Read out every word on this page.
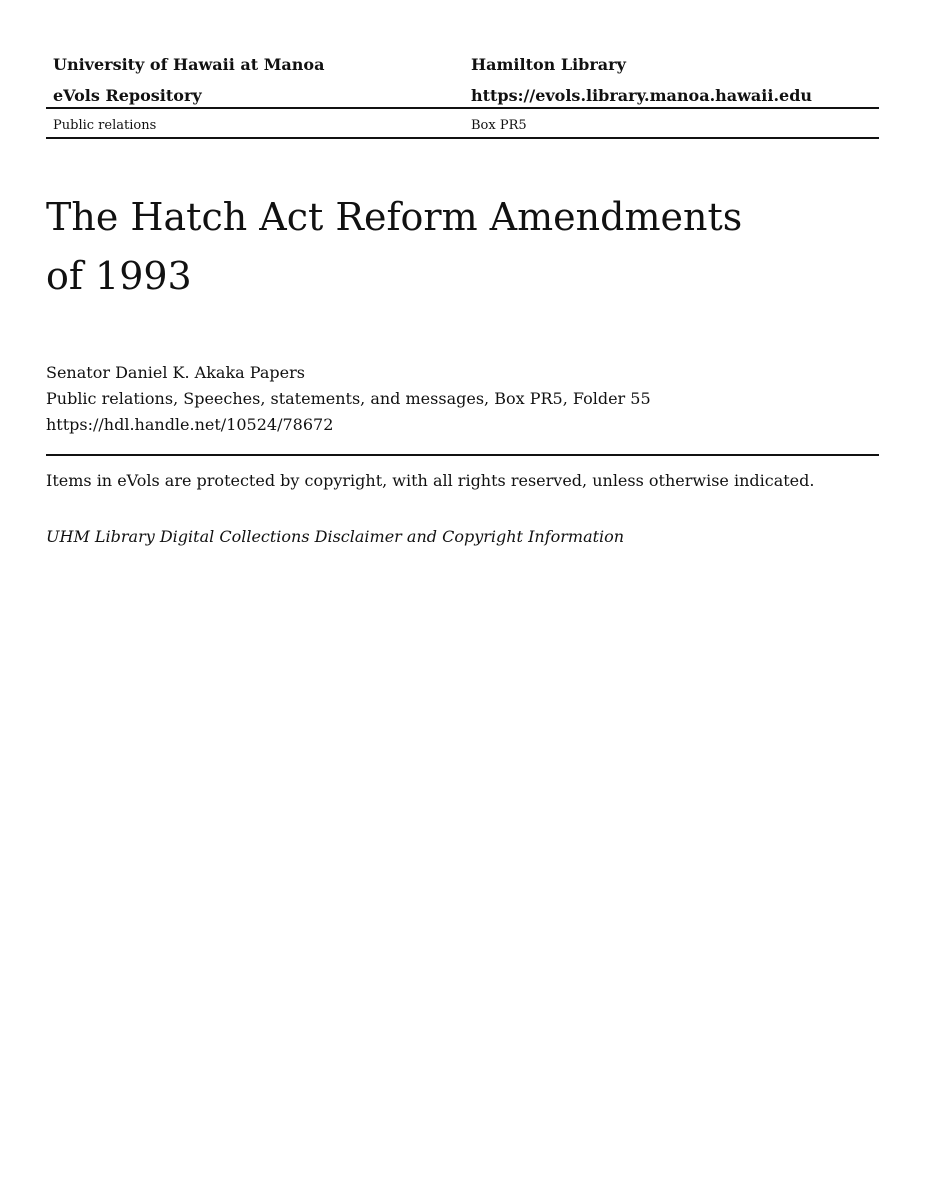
University of Hawaii at Manoa	Hamilton Library
eVols Repository	https://evols.library.manoa.hawaii.edu
Public relations	Box PR5
The Hatch Act Reform Amendments of 1993
Senator Daniel K. Akaka Papers
Public relations, Speeches, statements, and messages, Box PR5, Folder 55
https://hdl.handle.net/10524/78672
Items in eVols are protected by copyright, with all rights reserved, unless otherwise indicated.
UHM Library Digital Collections Disclaimer and Copyright Information
